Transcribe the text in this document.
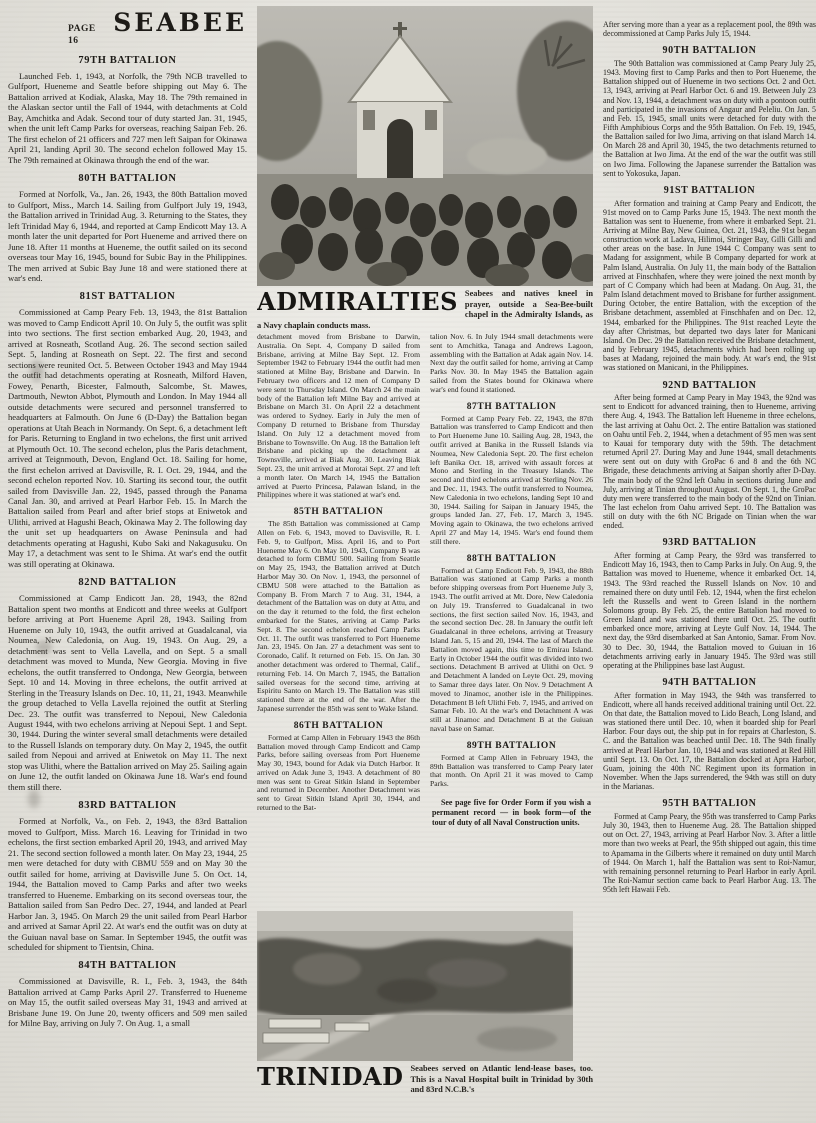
PAGE 16
SEABEE
79TH BATTALION

Launched Feb. 1, 1943, at Norfolk, the 79th NCB travelled to Gulfport, Hueneme and Seattle before shipping out May 6. The Battalion arrived at Kodiak, Alaska, May 18. The 79th remained in the Alaskan sector until the Fall of 1944, with detachments at Cold Bay, Amchitka and Adak. Second tour of duty started Jan. 31, 1945, when the unit left Camp Parks for overseas, reaching Saipan Feb. 26. The first echelon of 21 officers and 727 men left Saipan for Okinawa April 21, landing April 30. The second echelon followed May 15. The 79th remained at Okinawa through the end of the war.

80TH BATTALION

Formed at Norfolk, Va., Jan. 26, 1943, the 80th Battalion moved to Gulfport, Miss., March 14. Sailing from Gulfport July 19, 1943, the Battalion arrived in Trinidad Aug. 3. Returning to the States, they left Trinidad May 6, 1944, and reported at Camp Endicott May 13. A month later the unit departed for Port Hueneme and arrived there on June 18. After 11 months at Hueneme, the outfit sailed on its second overseas tour May 16, 1945, bound for Subic Bay in the Philippines. The men arrived at Subic Bay June 18 and were stationed there at war's end.

81ST BATTALION

Commissioned at Camp Peary Feb. 13, 1943, the 81st Battalion was moved to Camp Endicott April 10. On July 5, the outfit was split into two sections. The first section embarked Aug. 20, 1943, and arrived at Rosneath, Scotland Aug. 26. The second section sailed Sept. 5, landing at Rosneath on Sept. 22. The first and second sections were reunited Oct. 5. Between October 1943 and May 1944 the outfit had detachments operating at Rosneath, Milford Haven, Fowey, Penarth, Bicester, Falmouth, Salcombe, St. Mawes, Dartmouth, Newton Abbot, Plymouth and London. In May 1944 all outside detachments were secured and personnel transferred to headquarters at Falmouth. On June 6 (D-Day) the Battalion began operations at Utah Beach in Normandy. On Sept. 6, a detachment left for Paris. Returning to England in two echelons, the first unit arrived at Plymouth Oct. 10. The second echelon, plus the Paris detachment, arrived at Teignmouth, Devon, England Oct. 18. Sailing for home, the first echelon arrived at Davisville, R. I. Oct. 29, 1944, and the second echelon reported Nov. 10. Starting its second tour, the outfit sailed from Davisville Jan. 22, 1945, passed through the Panama Canal Jan. 30, and arrived at Pearl Harbor Feb. 15. In March the Battalion sailed from Pearl and after brief stops at Eniwetok and Ulithi, arrived at Hagushi Beach, Okinawa May 2. The following day the unit set up headquarters on Awase Peninsula and had detachments operating at Hagushi, Kubo Saki and Nakagusuku. On May 17, a detachment was sent to Ie Shima. At war's end the outfit was still operating at Okinawa.

82ND BATTALION

Commissioned at Camp Endicott Jan. 28, 1943, the 82nd Battalion spent two months at Endicott and three weeks at Gulfport before arriving at Port Hueneme April 28, 1943. Sailing from Hueneme on July 10, 1943, the outfit arrived at Guadalcanal, via Noumea, New Caledonia, on Aug. 19, 1943. On Aug. 29, a detachment was sent to Vella Lavella, and on Sept. 5 a small detachment was moved to Munda, New Georgia. Moving in five echelons, the outfit transferred to Ondonga, New Georgia, between Sept. 10 and 14. Moving in three echelons, the outfit arrived at Sterling in the Treasury Islands on Dec. 10, 11, 21, 1943. Meanwhile the group detached to Vella Lavella rejoined the outfit at Sterling Dec. 23. The outfit was transferred to Nepoui, New Caledonia August 1944, with two echelons arriving at Nepoui Sept. 1 and Sept. 30, 1944. During the winter several small detachments were detailed to the Russell Islands on temporary duty. On May 2, 1945, the outfit sailed from Nepoui and arrived at Eniwetok on May 11. The next stop was Ulithi, where the Battalion arrived on May 25. Sailing again on June 12, the outfit landed on Okinawa June 18. War's end found them still there.

83RD BATTALION

Formed at Norfolk, Va., on Feb. 2, 1943, the 83rd Battalion moved to Gulfport, Miss. March 16. Leaving for Trinidad in two echelons, the first section embarked April 20, 1943, and arrived May 21. The second section followed a month later. On May 23, 1944, 25 men were detached for duty with CBMU 559 and on May 30 the outfit sailed for home, arriving at Davisville June 5. On Oct. 14, 1944, the Battalion moved to Camp Parks and after two weeks transferred to Hueneme. Embarking on its second overseas tour, the Battalion sailed from San Pedro Dec. 27, 1944, and landed at Pearl Harbor Jan. 3, 1945. On March 29 the unit sailed from Pearl Harbor and arrived at Samar April 22. At war's end the outfit was on duty at the Guiuan naval base on Samar. In September 1945, the outfit was scheduled for shipment to Tientsin, China.

84TH BATTALION

Commissioned at Davisville, R. I., Feb. 3, 1943, the 84th Battalion arrived at Camp Parks April 27. Transferred to Hueneme on May 15, the outfit sailed overseas May 31, 1943 and arrived at Brisbane June 19. On June 20, twenty officers and 509 men sailed for Milne Bay, arriving on July 7. On Aug. 1, a small

ADMIRALTIES Seabees and natives kneel in prayer, outside a Sea-Bee-built chapel in the Admiralty Islands, as a Navy chaplain conducts mass.

detachment moved from Brisbane to Darwin, Australia. On Sept. 4, Company D sailed from Brisbane, arriving at Milne Bay Sept. 12. From September 1942 to February 1944 the outfit had men stationed at Milne Bay, Brisbane and Darwin. In February two officers and 12 men of Company D were sent to Thursday Island. On March 24 the main body of the Battalion left Milne Bay and arrived at Brisbane on March 31. On April 22 a detachment was ordered to Sydney. Early in July the men of Company D returned to Brisbane from Thursday Island. On July 12 a detachment moved from Brisbane to Townsville. On Aug. 18 the Battalion left Brisbane and picking up the detachment at Townsville, arrived at Biak Aug. 30. Leaving Biak Sept. 23, the unit arrived at Morotai Sept. 27 and left a month later. On March 14, 1945 the Battalion arrived at Puerto Princesa, Palawan Island, in the Philippines where it was stationed at war's end.

85TH BATTALION

The 85th Battalion was commissioned at Camp Allen on Feb. 6, 1943, moved to Davisville, R. I. Feb. 9, to Gulfport, Miss. April 16, and to Port Hueneme May 6. On May 10, 1943, Company B was detached to form CBMU 500. Sailing from Seattle on May 25, 1943, the Battalion arrived at Dutch Harbor May 30. On Nov. 1, 1943, the personnel of CBMU 508 were attached to the Battalion as Company B. From March 7 to Aug. 31, 1944, a detachment of the Battalion was on duty at Attu, and on the day it returned to the fold, the first echelon embarked for the States, arriving at Camp Parks Sept. 8. The second echelon reached Camp Parks Oct. 11. The outfit was transferred to Port Hueneme Jan. 23, 1945. On Jan. 27 a detachment was sent to Coronado, Calif. It returned on Feb. 15. On Jan. 30 another detachment was ordered to Thermal, Calif., returning Feb. 14. On March 7, 1945, the Battalion sailed overseas for the second time, arriving at Espiritu Santo on March 19. The Battalion was still stationed there at the end of the war. After the Japanese surrender the 85th was sent to Wake Island.

86TH BATTALION

Formed at Camp Allen in February 1943 the 86th Battalion moved through Camp Endicott and Camp Parks, before sailing overseas from Port Hueneme May 30, 1943, bound for Adak via Dutch Harbor. It arrived on Adak June 3, 1943. A detachment of 80 men was sent to Great Sitkin Island in September and returned in December. Another Detachment was sent to Great Sitkin Island April 30, 1944, and returned to the Bat-

talion Nov. 6. In July 1944 small detachments were sent to Amchitka, Tanaga and Andrews Lagoon, assembling with the Battalion at Adak again Nov. 14. Next day the outfit sailed for home, arriving at Camp Parks Nov. 30. In May 1945 the Battalion again sailed from the States bound for Okinawa where war's end found it stationed.

87TH BATTALION

Formed at Camp Peary Feb. 22, 1943, the 87th Battalion was transferred to Camp Endicott and then to Port Hueneme June 10. Sailing Aug. 28, 1943, the outfit arrived at Banika in the Russell Islands via Noumea, New Caledonia Sept. 20. The first echelon left Banika Oct. 18, arrived with assault forces at Mono and Sterling in the Treasury Islands. The second and third echelons arrived at Sterling Nov. 26 and Dec. 11, 1943. The outfit transferred to Noumea, New Caledonia in two echelons, landing Sept 10 and 30, 1944. Sailing for Saipan in January 1945, the groups landed Jan. 27, Feb. 17, March 3, 1945. Moving again to Okinawa, the two echelons arrived April 27 and May 14, 1945. War's end found them still there.

88TH BATTALION

Formed at Camp Endicott Feb. 9, 1943, the 88th Battalion was stationed at Camp Parks a month before shipping overseas from Port Hueneme July 3, 1943. The outfit arrived at Mt. Dore, New Caledonia on July 19. Transferred to Guadalcanal in two sections, the first section sailed Nov. 16, 1943, and the second section Dec. 28. In January the outfit left Guadalcanal in three echelons, arriving at Treasury Island Jan. 5, 15 and 20, 1944. The last of March the Battalion moved again, this time to Emirau Island. Early in October 1944 the outfit was divided into two sections. Detachment B arrived at Ulithi on Oct. 9 and Detachment A landed on Leyte Oct. 29, moving to Samar three days later. On Nov. 9 Detachment A moved to Jinamoc, another isle in the Philippines. Detachment B left Ulithi Feb. 7, 1945, and arrived on Samar Feb. 10. At the war's end Detachment A was still at Jinamoc and Detachment B at the Guiuan naval base on Samar.

89TH BATTALION

Formed at Camp Allen in February 1943, the 89th Battalion was transferred to Camp Peary later that month. On April 21 it was moved to Camp Parks.

See page five for Order Form if you wish a permanent record — in book form—of the tour of duty of all Naval Construction units.

TRINIDAD Seabees served on Atlantic lend-lease bases, too. This is a Naval Hospital built in Trinidad by 30th and 83rd N.C.B.'s

After serving more than a year as a replacement pool, the 89th was decommissioned at Camp Parks July 15, 1944.

90TH BATTALION

The 90th Battalion was commissioned at Camp Peary July 25, 1943. Moving first to Camp Parks and then to Port Hueneme, the Battalion shipped out of Hueneme in two sections Oct. 2 and Oct. 13, 1943, arriving at Pearl Harbor Oct. 6 and 19. Between July 23 and Nov. 13, 1944, a detachment was on duty with a pontoon outfit and participated in the invasions of Angaur and Peleliu. On Jan. 5 and Feb. 15, 1945, small units were detached for duty with the Fifth Amphibious Corps and the 95th Battalion. On Feb. 19, 1945, the Battalion sailed for Iwo Jima, arriving on that island March 14. On March 28 and April 30, 1945, the two detachments returned to the Battalion at Iwo Jima. At the end of the war the outfit was still on Iwo Jima. Following the Japanese surrender the Battalion was sent to Yokosuka, Japan.

91ST BATTALION

After formation and training at Camp Peary and Endicott, the 91st moved on to Camp Parks June 15, 1943. The next month the Battalion was sent to Hueneme, from where it embarked Sept. 21. Arriving at Milne Bay, New Guinea, Oct. 21, 1943, the 91st began construction work at Ladava, Hilimoi, Stringer Bay, Gilli Gilli and other areas on the base. In June 1944 C Company was sent to Madang for assignment, while B Company departed for work at Palm Island, Australia. On July 11, the main body of the Battalion arrived at Finschhafen, where they were joined the next month by part of C Company which had been at Madang. On Aug. 31, the Palm Island detachment moved to Brisbane for further assignment. During October, the entire Battalion, with the exception of the Brisbane detachment, assembled at Finschhafen and on Dec. 12, 1944, embarked for the Philippines. The 91st reached Leyte the day after Christmas, but departed two days later for Manicani Island. On Dec. 29 the Battalion received the Brisbane detachment, and by February 1945, detachments which had been rolling up bases at Madang, rejoined the main body. At war's end, the 91st was stationed on Manicani, in the Philippines.

92ND BATTALION

After being formed at Camp Peary in May 1943, the 92nd was sent to Endicott for advanced training, then to Hueneme, arriving there Aug. 4, 1943. The Battalion left Hueneme in three echelons, the last arriving at Oahu Oct. 2. The entire Battalion was stationed on Oahu until Feb. 2, 1944, when a detachment of 95 men was sent to Kauai for temporary duty with the 59th. The detachment returned April 27. During May and June 1944, small detachments were sent out on duty with GroPac 6 and 8 and the 6th NC Brigade, these detachments arriving at Saipan shortly after D-Day. The main body of the 92nd left Oahu in sections during June and July, arriving at Tinian throughout August. On Sept. 1, the GroPac duty men were transferred to the main body of the 92nd on Tinian. The last echelon from Oahu arrived Sept. 10. The Battalion was still on duty with the 6th NC Brigade on Tinian when the war ended.

93RD BATTALION

After forming at Camp Peary, the 93rd was transferred to Endicott May 16, 1943, then to Camp Parks in July. On Aug. 9, the Battalion was moved to Hueneme, whence it embarked Oct. 14, 1943. The 93rd reached the Russell Islands on Nov. 10 and remained there on duty until Feb. 12, 1944, when the first echelon left the Russells and went to Green Island in the northern Solomons group. By Feb. 25, the entire Battalion had moved to Green Island and was stationed there until Oct. 25. The outfit embarked once more, arriving at Leyte Gulf Nov. 14, 1944. The next day, the 93rd disembarked at San Antonio, Samar. From Nov. 30 to Dec. 30, 1944, the Battalion moved to Guiuan in 16 detachments arriving early in January 1945. The 93rd was still operating at the Philippines base last August.

94TH BATTALION

After formation in May 1943, the 94th was transferred to Endicott, where all hands received additional training until Oct. 22. On that date, the Battalion moved to Lido Beach, Long Island, and was stationed there until Dec. 10, when it boarded ship for Pearl Harbor. Four days out, the ship put in for repairs at Charleston, S. C. and the Battalion was beached until Dec. 18. The 94th finally arrived at Pearl Harbor Jan. 10, 1944 and was stationed at Red Hill until Sept. 13. On Oct. 17, the Battalion docked at Apra Harbor, Guam, joining the 40th NC Regiment upon its formation in November. When the Japs surrendered, the 94th was still on duty in the Marianas.

95TH BATTALION

Formed at Camp Peary, the 95th was transferred to Camp Parks July 30, 1943, then to Hueneme Aug. 28. The Battalion shipped out on Oct. 27, 1943, arriving at Pearl Harbor Nov. 3. After a little more than two weeks at Pearl, the 95th shipped out again, this time to Apamama in the Gilberts where it remained on duty until March of 1944. On March 1, half the Battalion was sent to Roi-Namur, with remaining personnel returning to Pearl Harbor in early April. The Roi-Namur section came back to Pearl Harbor Aug. 13. The 95th left Hawaii Feb.
